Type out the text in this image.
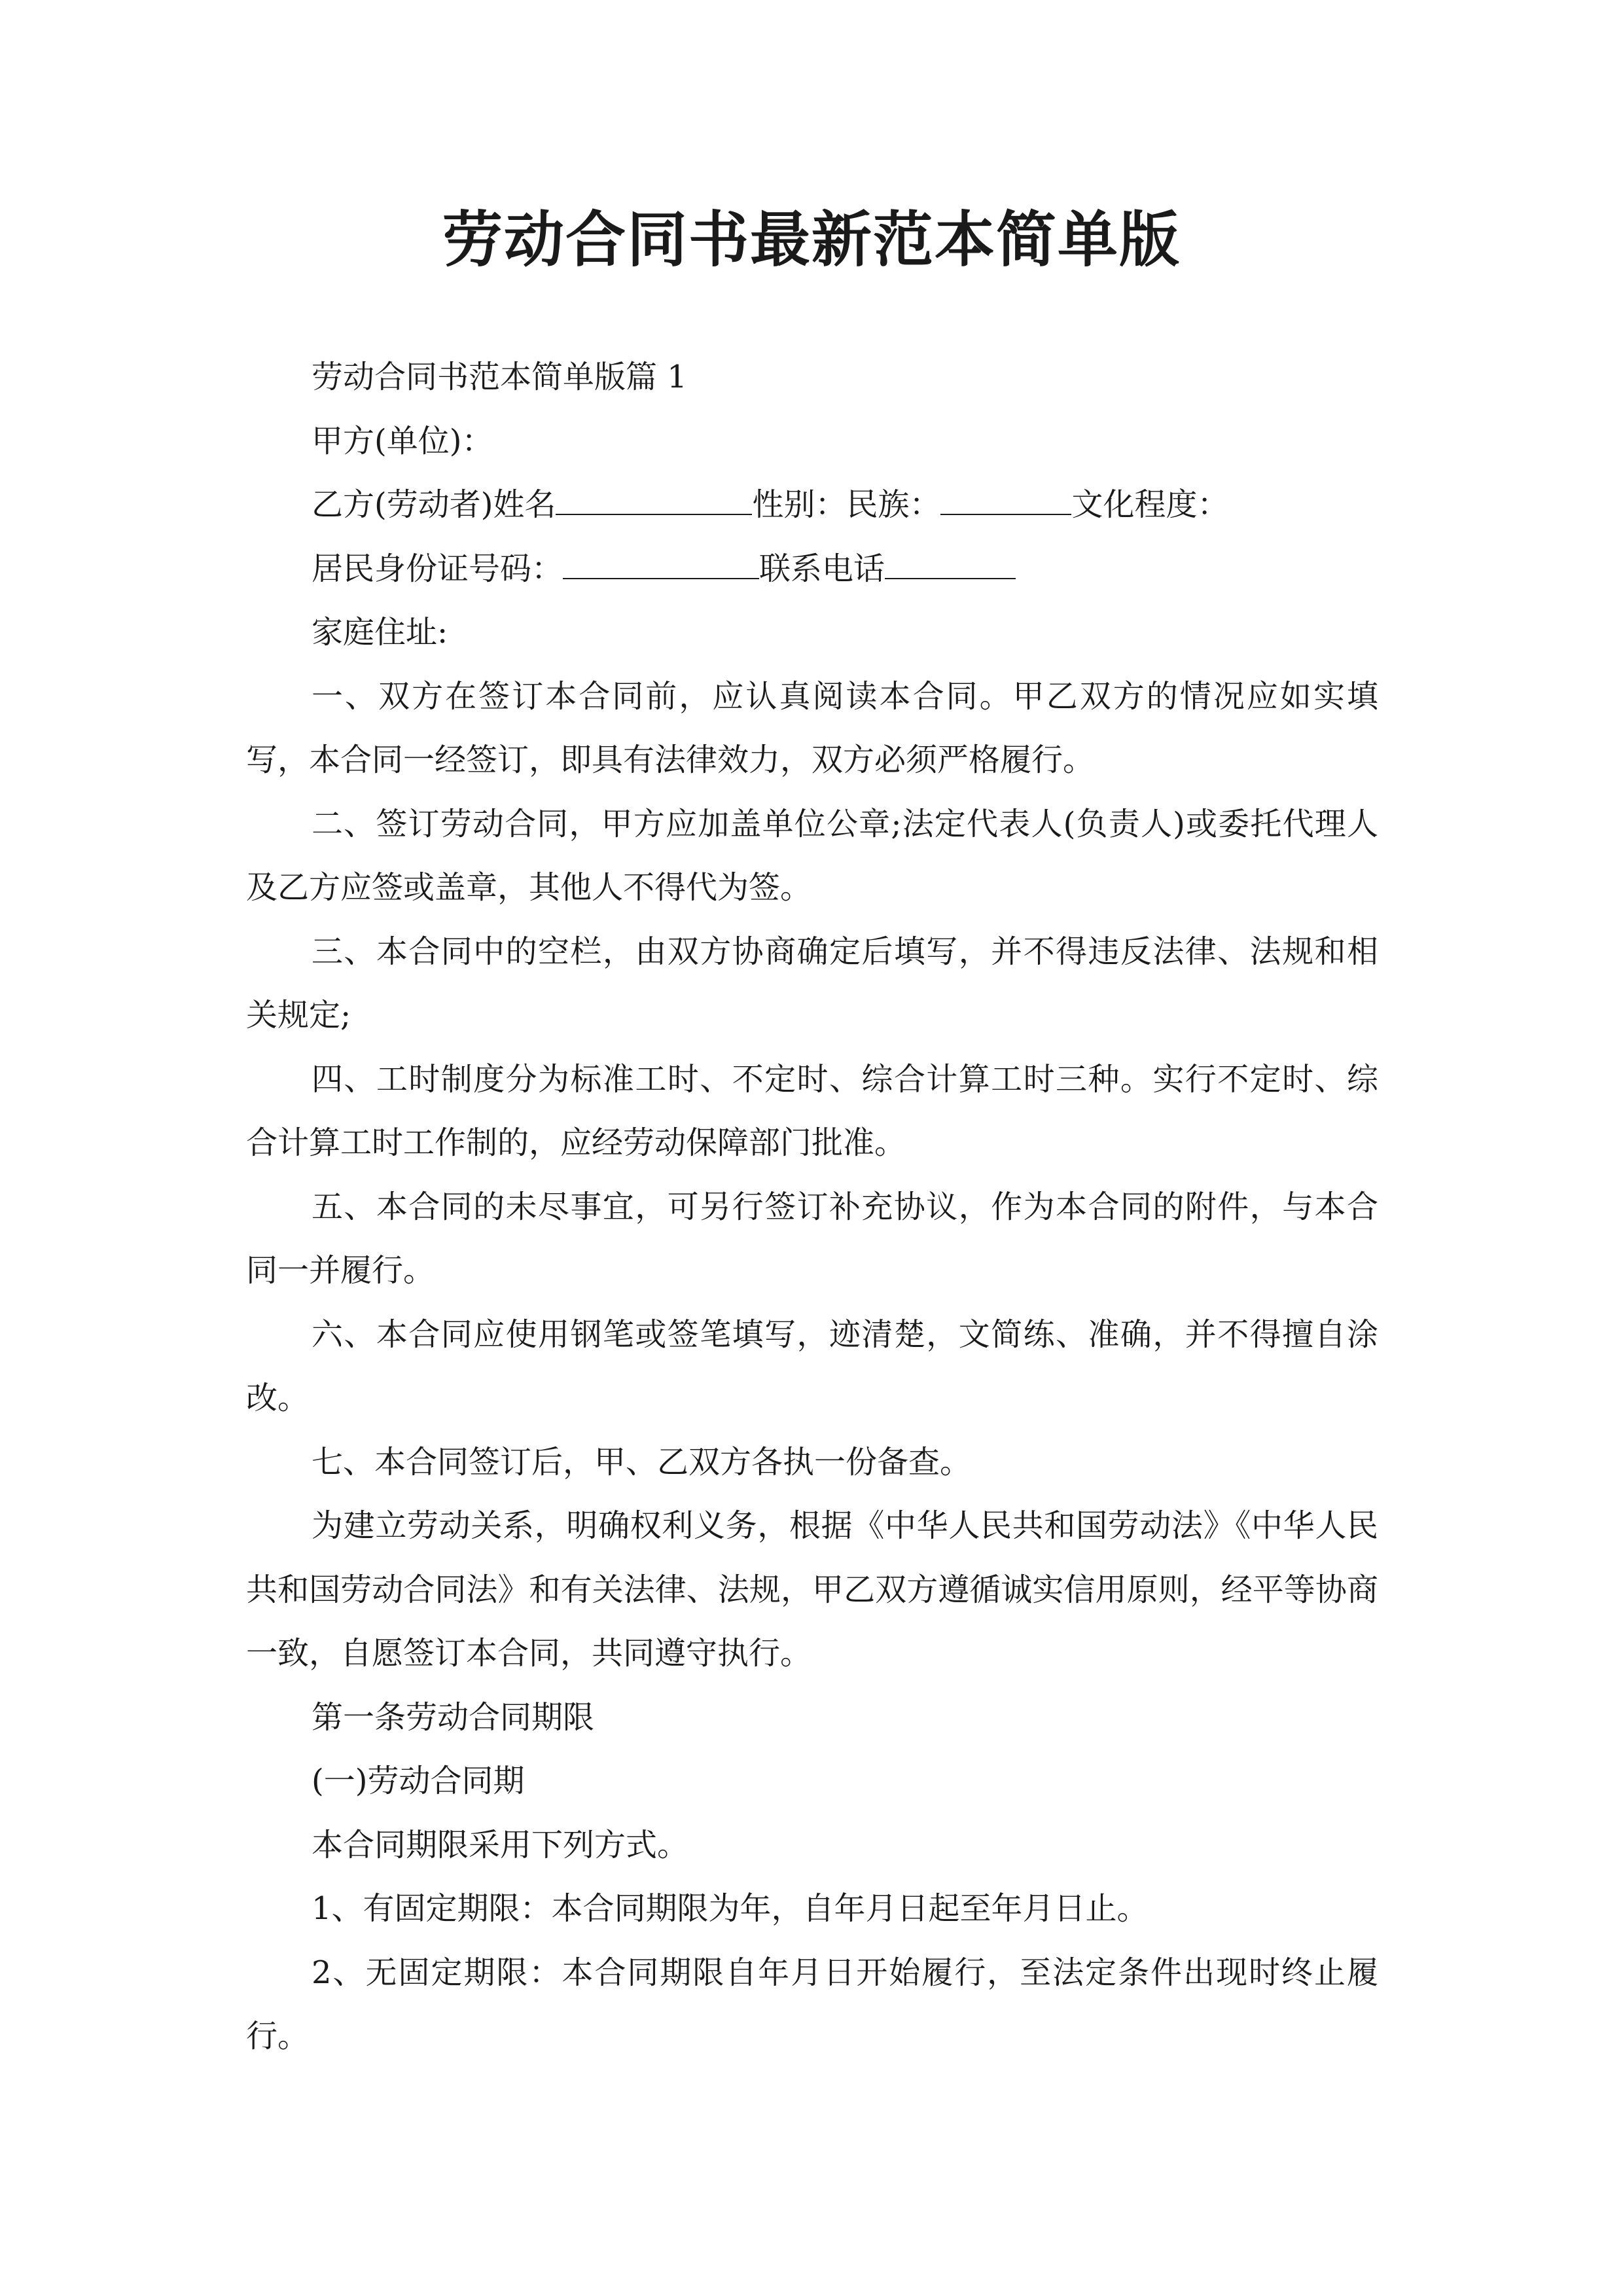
劳动合同书最新范本简单版

劳动合同书范本简单版篇 1

甲方(单位)：

乙方(劳动者)姓名	性别：民族：	文化程度：

居民身份证号码：	联系电话

家庭住址:

一、双方在签订本合同前，应认真阅读本合同。甲乙双方的情况应如实填写，本合同一经签订，即具有法律效力，双方必须严格履行。

二、签订劳动合同，甲方应加盖单位公章;法定代表人(负责人)或委托代理人及乙方应签或盖章，其他人不得代为签。

三、本合同中的空栏，由双方协商确定后填写，并不得违反法律、法规和相关规定;

四、工时制度分为标准工时、不定时、综合计算工时三种。实行不定时、综合计算工时工作制的，应经劳动保障部门批准。

五、本合同的未尽事宜，可另行签订补充协议，作为本合同的附件，与本合同一并履行。

六、本合同应使用钢笔或签笔填写，迹清楚，文简练、准确，并不得擅自涂改。

七、本合同签订后，甲、乙双方各执一份备查。

为建立劳动关系，明确权利义务，根据《中华人民共和国劳动法》《中华人民共和国劳动合同法》和有关法律、法规，甲乙双方遵循诚实信用原则，经平等协商一致，自愿签订本合同，共同遵守执行。

第一条劳动合同期限

(一)劳动合同期

本合同期限采用下列方式。

1、有固定期限：本合同期限为年，自年月日起至年月日止。

2、无固定期限：本合同期限自年月日开始履行，至法定条件出现时终止履行。
